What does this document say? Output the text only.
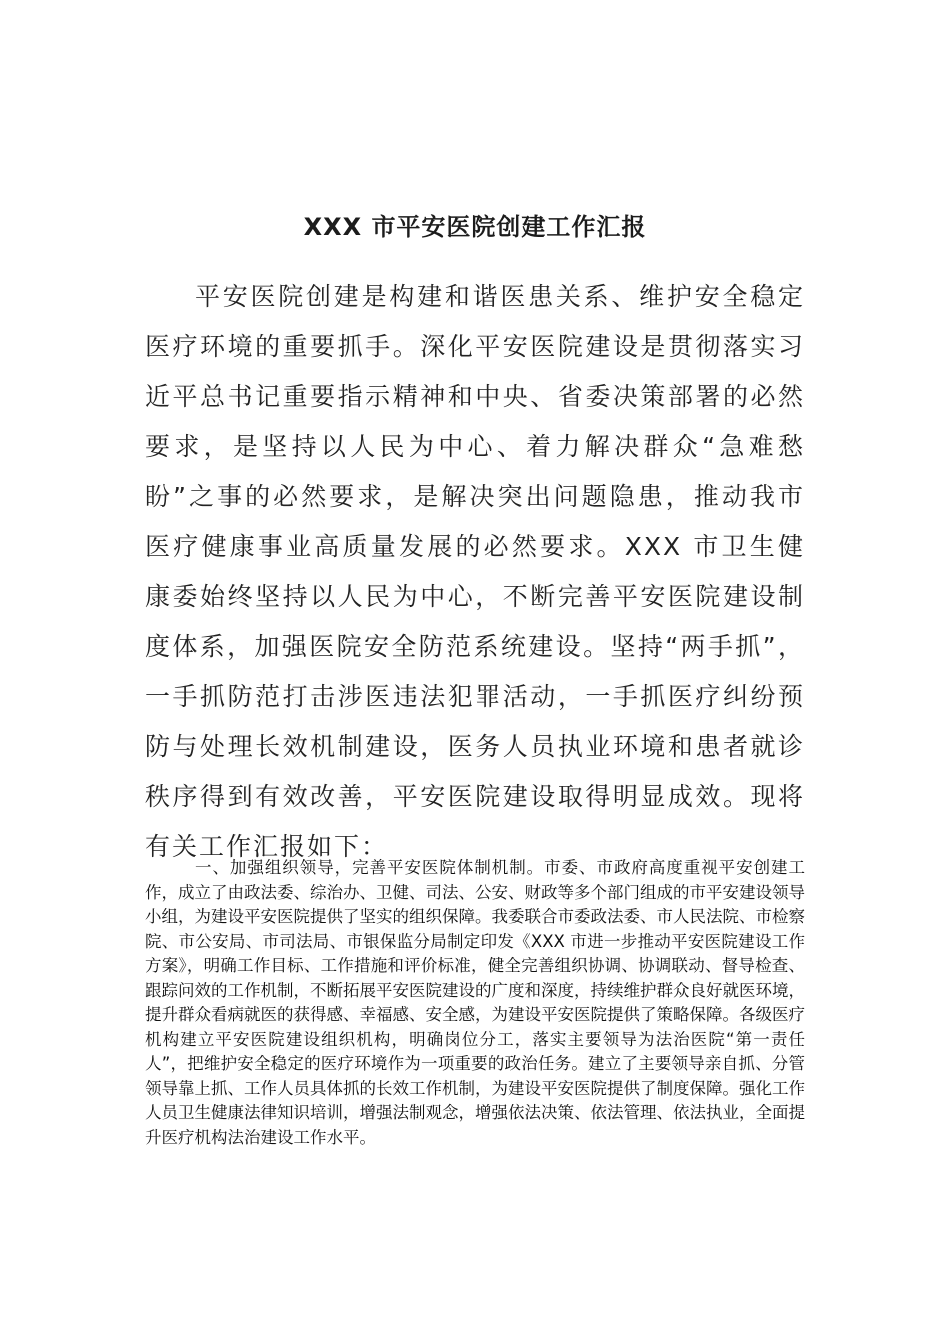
XXX 市平安医院创建工作汇报

平安医院创建是构建和谐医患关系、维护安全稳定医疗环境的重要抓手。深化平安医院建设是贯彻落实习近平总书记重要指示精神和中央、省委决策部署的必然要求，是坚持以人民为中心、着力解决群众“急难愁盼”之事的必然要求，是解决突出问题隐患，推动我市医疗健康事业高质量发展的必然要求。XXX 市卫生健康委始终坚持以人民为中心，不断完善平安医院建设制度体系，加强医院安全防范系统建设。坚持“两手抓”，一手抓防范打击涉医违法犯罪活动，一手抓医疗纠纷预防与处理长效机制建设，医务人员执业环境和患者就诊秩序得到有效改善，平安医院建设取得明显成效。现将有关工作汇报如下：

一、加强组织领导，完善平安医院体制机制。市委、市政府高度重视平安创建工作，成立了由政法委、综治办、卫健、司法、公安、财政等多个部门组成的市平安建设领导小组，为建设平安医院提供了坚实的组织保障。我委联合市委政法委、市人民法院、市检察院、市公安局、市司法局、市银保监分局制定印发《XXX 市进一步推动平安医院建设工作方案》，明确工作目标、工作措施和评价标准，健全完善组织协调、协调联动、督导检查、跟踪问效的工作机制，不断拓展平安医院建设的广度和深度，持续维护群众良好就医环境，提升群众看病就医的获得感、幸福感、安全感，为建设平安医院提供了策略保障。各级医疗机构建立平安医院建设组织机构，明确岗位分工，落实主要领导为法治医院“第一责任人”，把维护安全稳定的医疗环境作为一项重要的政治任务。建立了主要领导亲自抓、分管领导靠上抓、工作人员具体抓的长效工作机制，为建设平安医院提供了制度保障。强化工作人员卫生健康法律知识培训，增强法制观念，增强依法决策、依法管理、依法执业，全面提升医疗机构法治建设工作水平。
